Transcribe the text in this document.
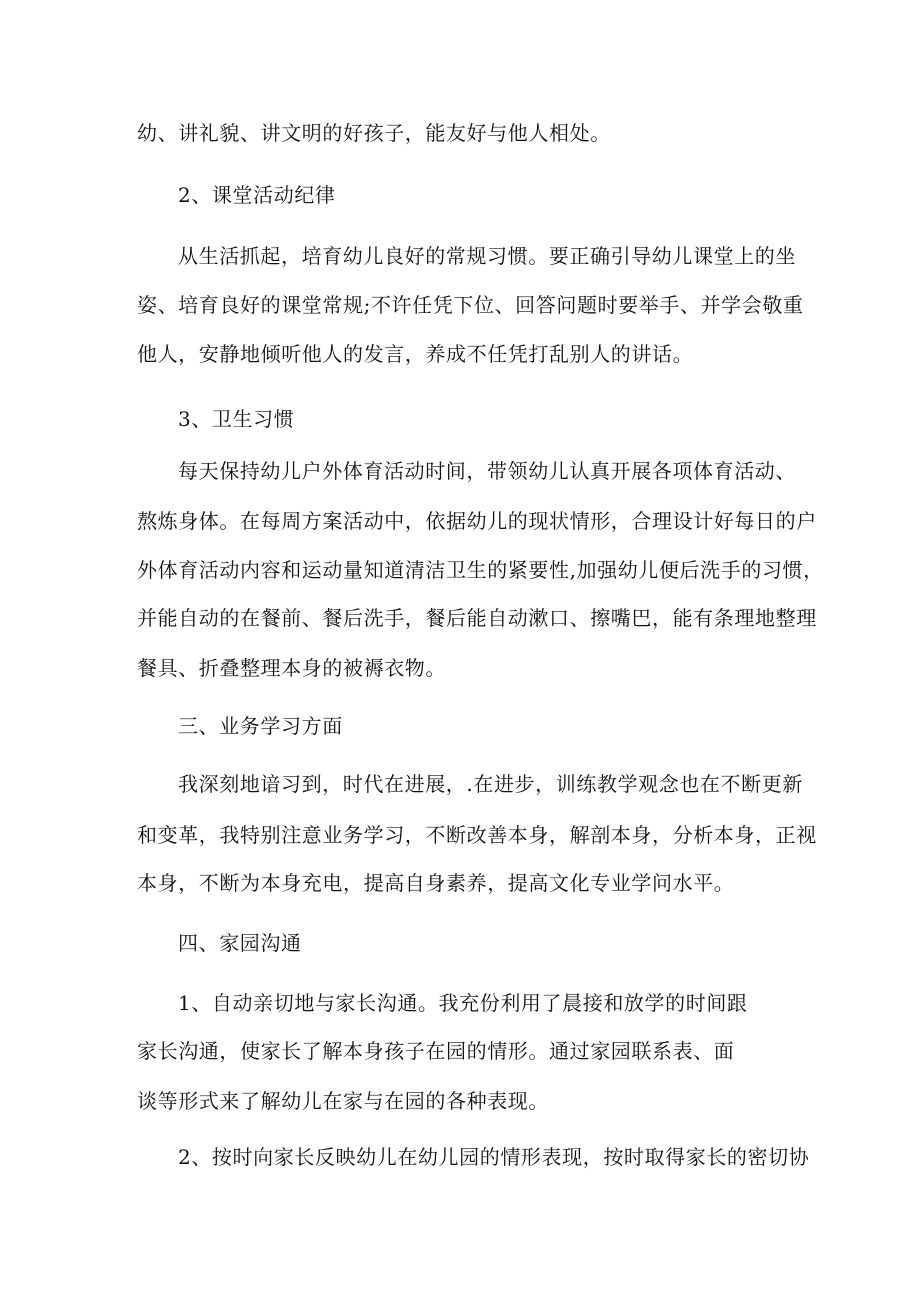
幼、讲礼貌、讲文明的好孩子，能友好与他人相处。
2、课堂活动纪律
从生活抓起，培育幼儿良好的常规习惯。要正确引导幼儿课堂上的坐
姿、培育良好的课堂常规;不许任凭下位、回答问题时要举手、并学会敬重
他人，安静地倾听他人的发言，养成不任凭打乱别人的讲话。
3、卫生习惯
每天保持幼儿户外体育活动时间，带领幼儿认真开展各项体育活动、
熬炼身体。在每周方案活动中，依据幼儿的现状情形，合理设计好每日的户
外体育活动内容和运动量知道清洁卫生的紧要性,加强幼儿便后洗手的习惯，
并能自动的在餐前、餐后洗手，餐后能自动漱口、擦嘴巴，能有条理地整理
餐具、折叠整理本身的被褥衣物。
三、业务学习方面
我深刻地谙习到，时代在进展，.在进步，训练教学观念也在不断更新
和变革，我特别注意业务学习，不断改善本身，解剖本身，分析本身，正视
本身，不断为本身充电，提高自身素养，提高文化专业学问水平。
四、家园沟通
1、自动亲切地与家长沟通。我充份利用了晨接和放学的时间跟
家长沟通，使家长了解本身孩子在园的情形。通过家园联系表、面
谈等形式来了解幼儿在家与在园的各种表现。
2、按时向家长反映幼儿在幼儿园的情形表现，按时取得家长的密切协
